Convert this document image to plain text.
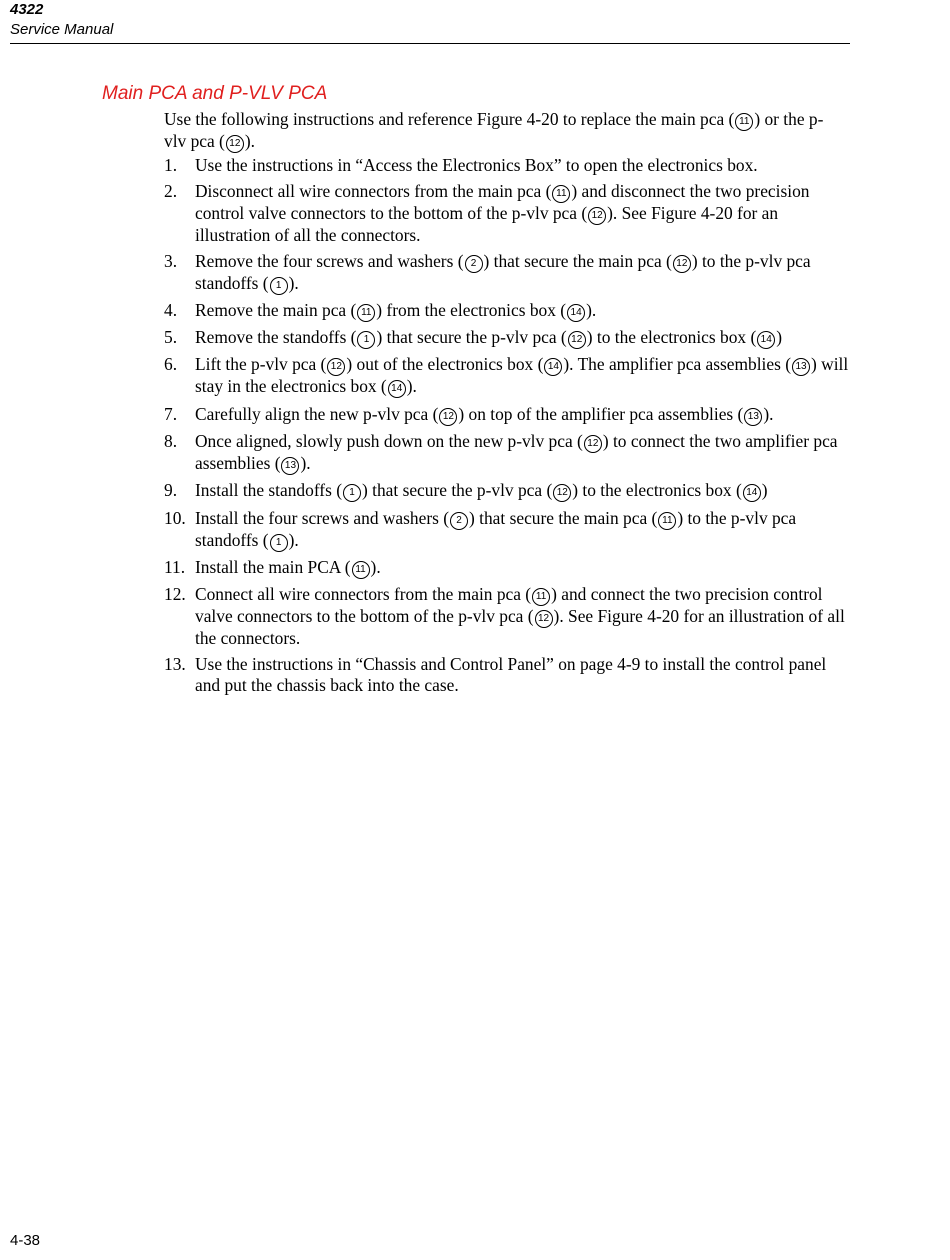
4322
Service Manual
Main PCA and P-VLV PCA
Use the following instructions and reference Figure 4-20 to replace the main pca ( 11 ) or the p-vlv pca ( 12 ).
1. Use the instructions in “Access the Electronics Box” to open the electronics box.
2. Disconnect all wire connectors from the main pca ( 11 ) and disconnect the two precision control valve connectors to the bottom of the p-vlv pca ( 12 ). See Figure 4-20 for an illustration of all the connectors.
3. Remove the four screws and washers ( 2 ) that secure the main pca ( 12 ) to the p-vlv pca standoffs ( 1 ).
4. Remove the main pca ( 11 ) from the electronics box ( 14 ).
5. Remove the standoffs ( 1 ) that secure the p-vlv pca ( 12 ) to the electronics box ( 14 )
6. Lift the p-vlv pca ( 12 ) out of the electronics box ( 14 ). The amplifier pca assemblies ( 13 ) will stay in the electronics box ( 14 ).
7. Carefully align the new p-vlv pca ( 12 ) on top of the amplifier pca assemblies ( 13 ).
8. Once aligned, slowly push down on the new p-vlv pca ( 12 ) to connect the two amplifier pca assemblies ( 13 ).
9. Install the standoffs ( 1 ) that secure the p-vlv pca ( 12 ) to the electronics box ( 14 )
10. Install the four screws and washers ( 2 ) that secure the main pca ( 11 ) to the p-vlv pca standoffs ( 1 ).
11. Install the main PCA ( 11 ).
12. Connect all wire connectors from the main pca ( 11 ) and connect the two precision control valve connectors to the bottom of the p-vlv pca ( 12 ). See Figure 4-20 for an illustration of all the connectors.
13. Use the instructions in “Chassis and Control Panel” on page 4-9 to install the control panel and put the chassis back into the case.
4-38
